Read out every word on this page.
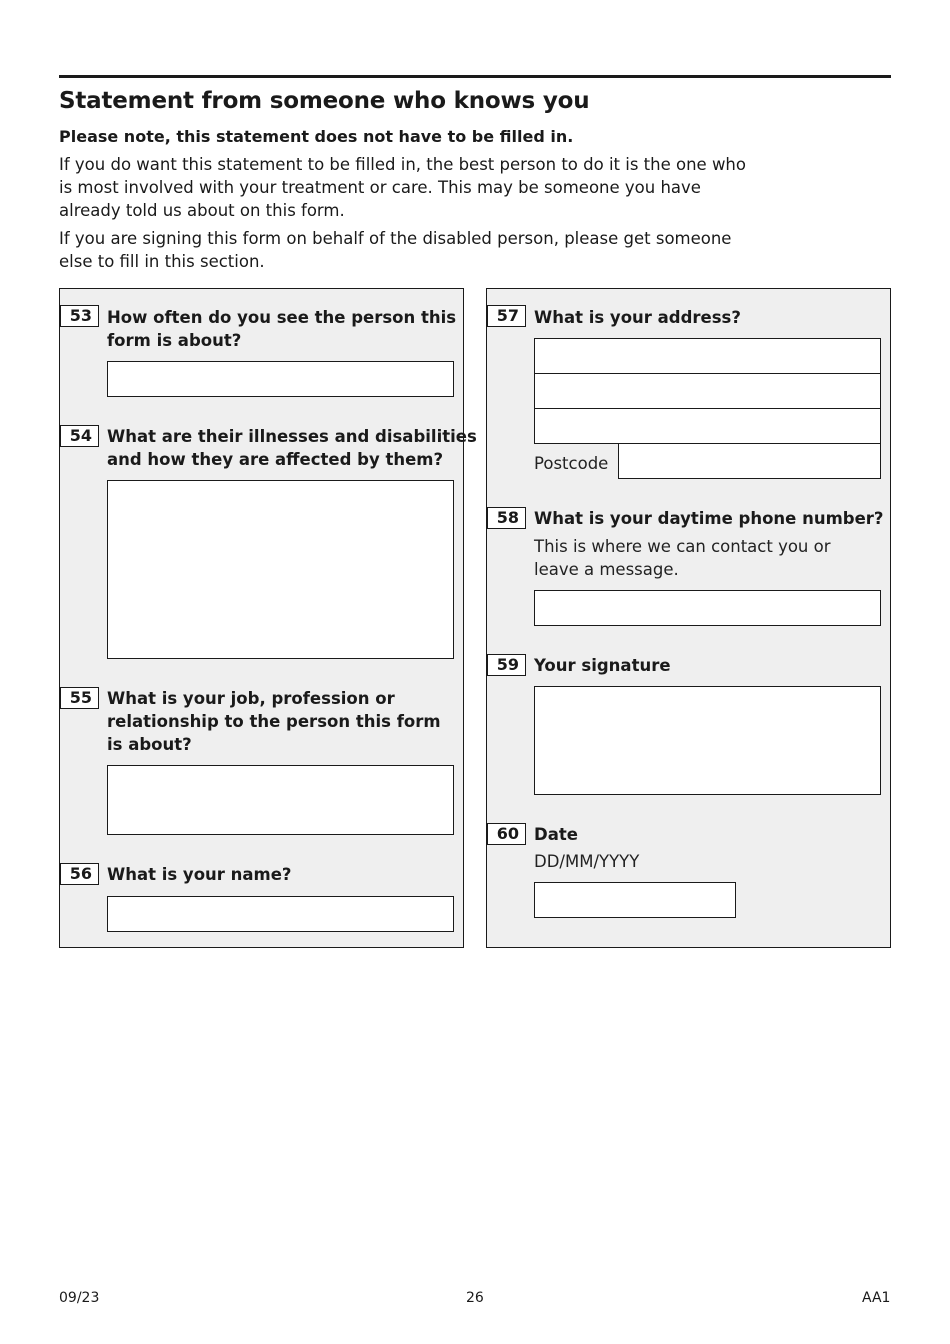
Statement from someone who knows you
Please note, this statement does not have to be filled in.

If you do want this statement to be filled in, the best person to do it is the one who is most involved with your treatment or care. This may be someone you have already told us about on this form.

If you are signing this form on behalf of the disabled person, please get someone else to fill in this section.

53 How often do you see the person this
form is about?
54 What are their illnesses and disabilities
and how they are affected by them?
55 What is your job, profession or
relationship to the person this form
is about?
56 What is your name?
57 What is your address?
Postcode
58 What is your daytime phone number?
This is where we can contact you or
leave a message.
59 Your signature
60 Date
DD/MM/YYYY
09/23	26	AA1
